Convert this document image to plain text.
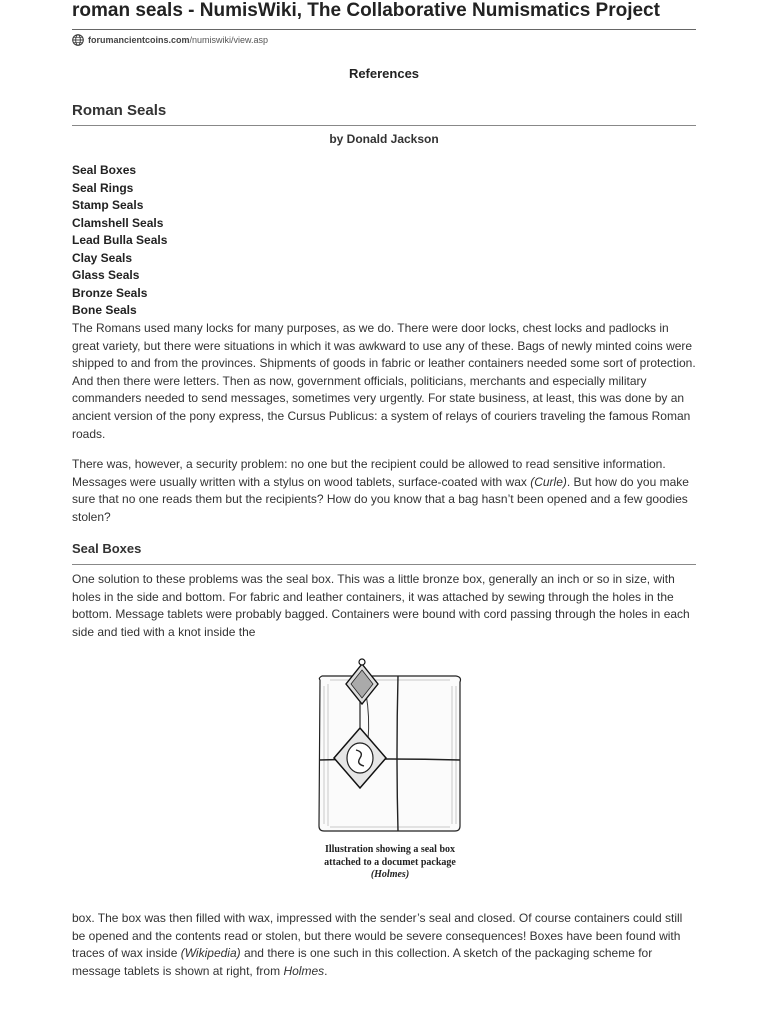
roman seals - NumisWiki, The Collaborative Numismatics Project
forumancientcoins.com /numiswiki/view.asp
References
Roman Seals
by Donald Jackson
Seal Boxes
Seal Rings
Stamp Seals
Clamshell Seals
Lead Bulla Seals
Clay Seals
Glass Seals
Bronze Seals
Bone Seals

The Romans used many locks for many purposes, as we do. There were door locks, chest locks and padlocks in great variety, but there were situations in which it was awkward to use any of these. Bags of newly minted coins were shipped to and from the provinces. Shipments of goods in fabric or leather containers needed some sort of protection. And then there were letters. Then as now, government officials, politicians, merchants and especially military commanders needed to send messages, sometimes very urgently. For state business, at least, this was done by an ancient version of the pony express, the Cursus Publicus: a system of relays of couriers traveling the famous Roman roads.

There was, however, a security problem: no one but the recipient could be allowed to read sensitive information. Messages were usually written with a stylus on wood tablets, surface-coated with wax (Curle). But how do you make sure that no one reads them but the recipients? How do you know that a bag hasn’t been opened and a few goodies stolen?

Seal Boxes

One solution to these problems was the seal box. This was a little bronze box, generally an inch or so in size, with holes in the side and bottom. For fabric and leather containers, it was attached by sewing through the holes in the bottom. Message tablets were probably bagged. Containers were bound with cord passing through the holes in each side and tied with a knot inside the

Illustration showing a seal box
attached to a documet package
(Holmes)

box. The box was then filled with wax, impressed with the sender’s seal and closed. Of course containers could still be opened and the contents read or stolen, but there would be severe consequences! Boxes have been found with traces of wax inside (Wikipedia) and there is one such in this collection. A sketch of the packaging scheme for message tablets is shown at right, from Holmes.
